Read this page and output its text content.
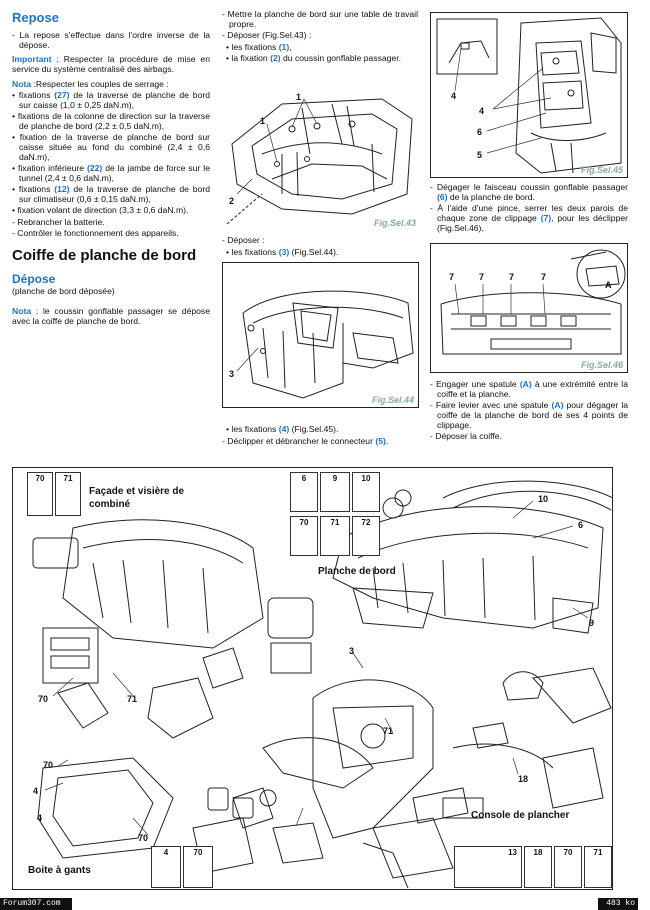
Repose
- La repose s'effectue dans l'ordre inverse de la dépose.

Important : Respecter la procédure de mise en service du système centralisé des airbags.

Nota :Respecter les couples de serrage :

• fixations (27) de la traverse de planche de bord sur caisse (1,0 ± 0,25 daN.m),
• fixations de la colonne de direction sur la traverse de planche de bord (2,2 ± 0,5 daN.m),
• fixation de la traverse de planche de bord sur caisse située au fond du combiné (2,4 ± 0,6 daN.m),
• fixation inférieure (22) de la jambe de force sur le tunnel (2,4 ± 0,6 daN.m),
• fixations (12) de la traverse de planche de bord sur climatiseur (0,6 ± 0,15 daN.m),
• fixation volant de direction (3,3 ± 0,6 daN.m).
- Rebrancher la batterie.
- Contrôler le fonctionnement des appareils.
Coiffe de planche de bord
Dépose

(planche de bord déposée)

Nota : le coussin gonflable passager se dépose avec la coiffe de planche de bord.

- Mettre la planche de bord sur une table de travail propre.
- Déposer (Fig.Sel.43) :
• les fixations (1),
• la fixation (2) du coussin gonflable passager.
1
1
2
Fig.Sel.43
- Déposer :
• les fixations (3) (Fig.Sel.44).
3
Fig.Sel.44
• les fixations (4) (Fig.Sel.45).
- Déclipper et débrancher le connecteur (5).
4
4
6
5
Fig.Sel.45
- Dégager le faisceau coussin gonflable passager (6) de la planche de bord.
- À l'aide d'une pince, serrer les deux parois de chaque zone de clippage (7), pour les déclipper (Fig.Sel.46).
7	7	7	7
A
Fig.Sel.46
- Engager une spatule (A) à une extrémité entre la coiffe et la planche.
- Faire levier avec une spatule (A) pour dégager la coiffe de la planche de bord de ses 4 points de clippage.
- Déposer la coiffe.
70	71	6	9	10
70	71	72
4	70	13	18	70	71
Façade et visière de combiné
Planche de bord
Console de plancher
Boite à gants
10
6
9
3
70	71
71
18
4
70
70
4
Forum307.com	483 ko
